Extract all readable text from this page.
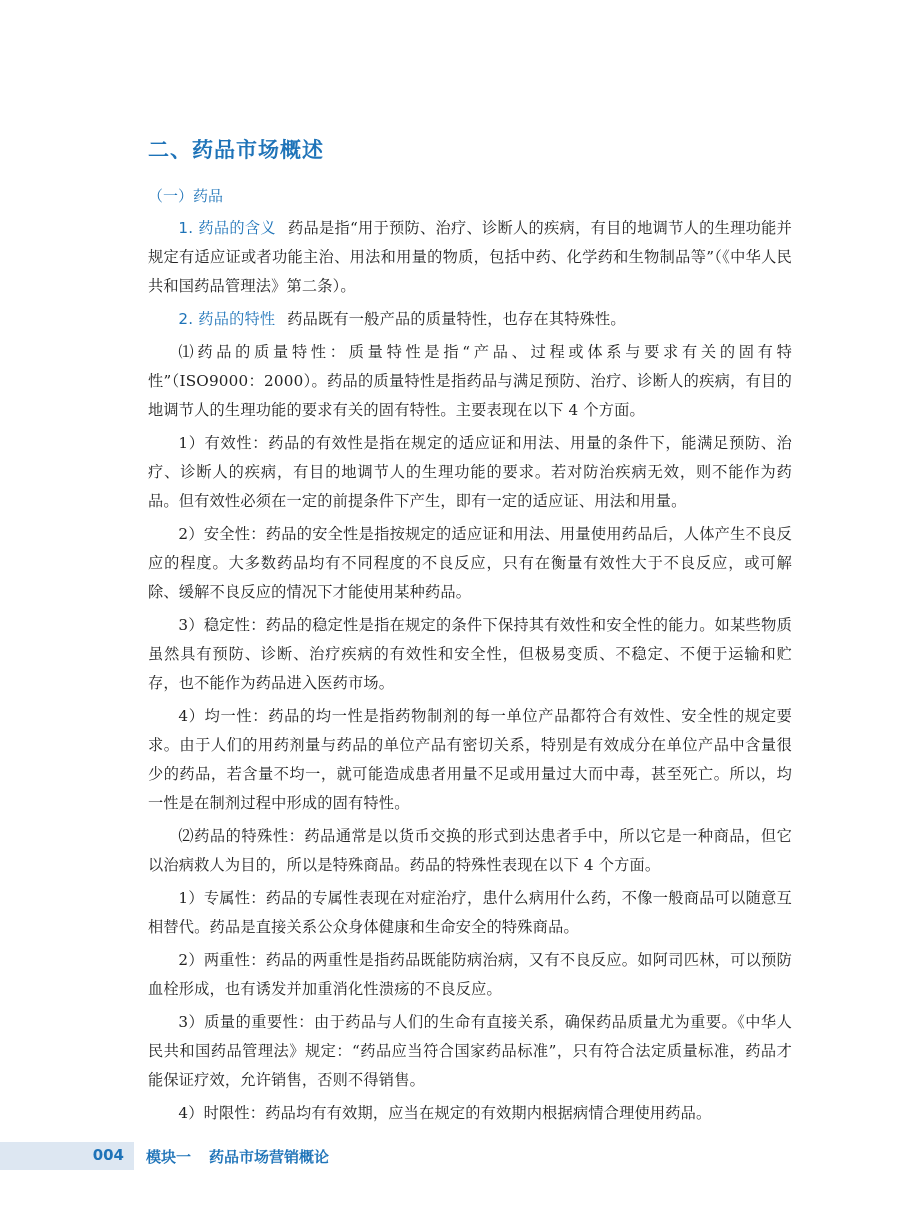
二、药品市场概述
（一）药品

1. 药品的含义 药品是指“用于预防、治疗、诊断人的疾病，有目的地调节人的生理功能并规定有适应证或者功能主治、用法和用量的物质，包括中药、化学药和生物制品等”（《中华人民共和国药品管理法》第二条）。

2. 药品的特性 药品既有一般产品的质量特性，也存在其特殊性。

⑴药品的质量特性：质量特性是指“产品、过程或体系与要求有关的固有特性”（ISO9000：2000）。药品的质量特性是指药品与满足预防、治疗、诊断人的疾病，有目的地调节人的生理功能的要求有关的固有特性。主要表现在以下 4 个方面。

1）有效性：药品的有效性是指在规定的适应证和用法、用量的条件下，能满足预防、治疗、诊断人的疾病，有目的地调节人的生理功能的要求。若对防治疾病无效，则不能作为药品。但有效性必须在一定的前提条件下产生，即有一定的适应证、用法和用量。

2）安全性：药品的安全性是指按规定的适应证和用法、用量使用药品后，人体产生不良反应的程度。大多数药品均有不同程度的不良反应，只有在衡量有效性大于不良反应，或可解除、缓解不良反应的情况下才能使用某种药品。

3）稳定性：药品的稳定性是指在规定的条件下保持其有效性和安全性的能力。如某些物质虽然具有预防、诊断、治疗疾病的有效性和安全性，但极易变质、不稳定、不便于运输和贮存，也不能作为药品进入医药市场。

4）均一性：药品的均一性是指药物制剂的每一单位产品都符合有效性、安全性的规定要求。由于人们的用药剂量与药品的单位产品有密切关系，特别是有效成分在单位产品中含量很少的药品，若含量不均一，就可能造成患者用量不足或用量过大而中毒，甚至死亡。所以，均一性是在制剂过程中形成的固有特性。

⑵药品的特殊性：药品通常是以货币交换的形式到达患者手中，所以它是一种商品，但它以治病救人为目的，所以是特殊商品。药品的特殊性表现在以下 4 个方面。

1）专属性：药品的专属性表现在对症治疗，患什么病用什么药，不像一般商品可以随意互相替代。药品是直接关系公众身体健康和生命安全的特殊商品。

2）两重性：药品的两重性是指药品既能防病治病，又有不良反应。如阿司匹林，可以预防血栓形成，也有诱发并加重消化性溃疡的不良反应。

3）质量的重要性：由于药品与人们的生命有直接关系，确保药品质量尤为重要。《中华人民共和国药品管理法》规定：“药品应当符合国家药品标准”，只有符合法定质量标准，药品才能保证疗效，允许销售，否则不得销售。

4）时限性：药品均有有效期，应当在规定的有效期内根据病情合理使用药品。

004 模块一 药品市场营销概论
